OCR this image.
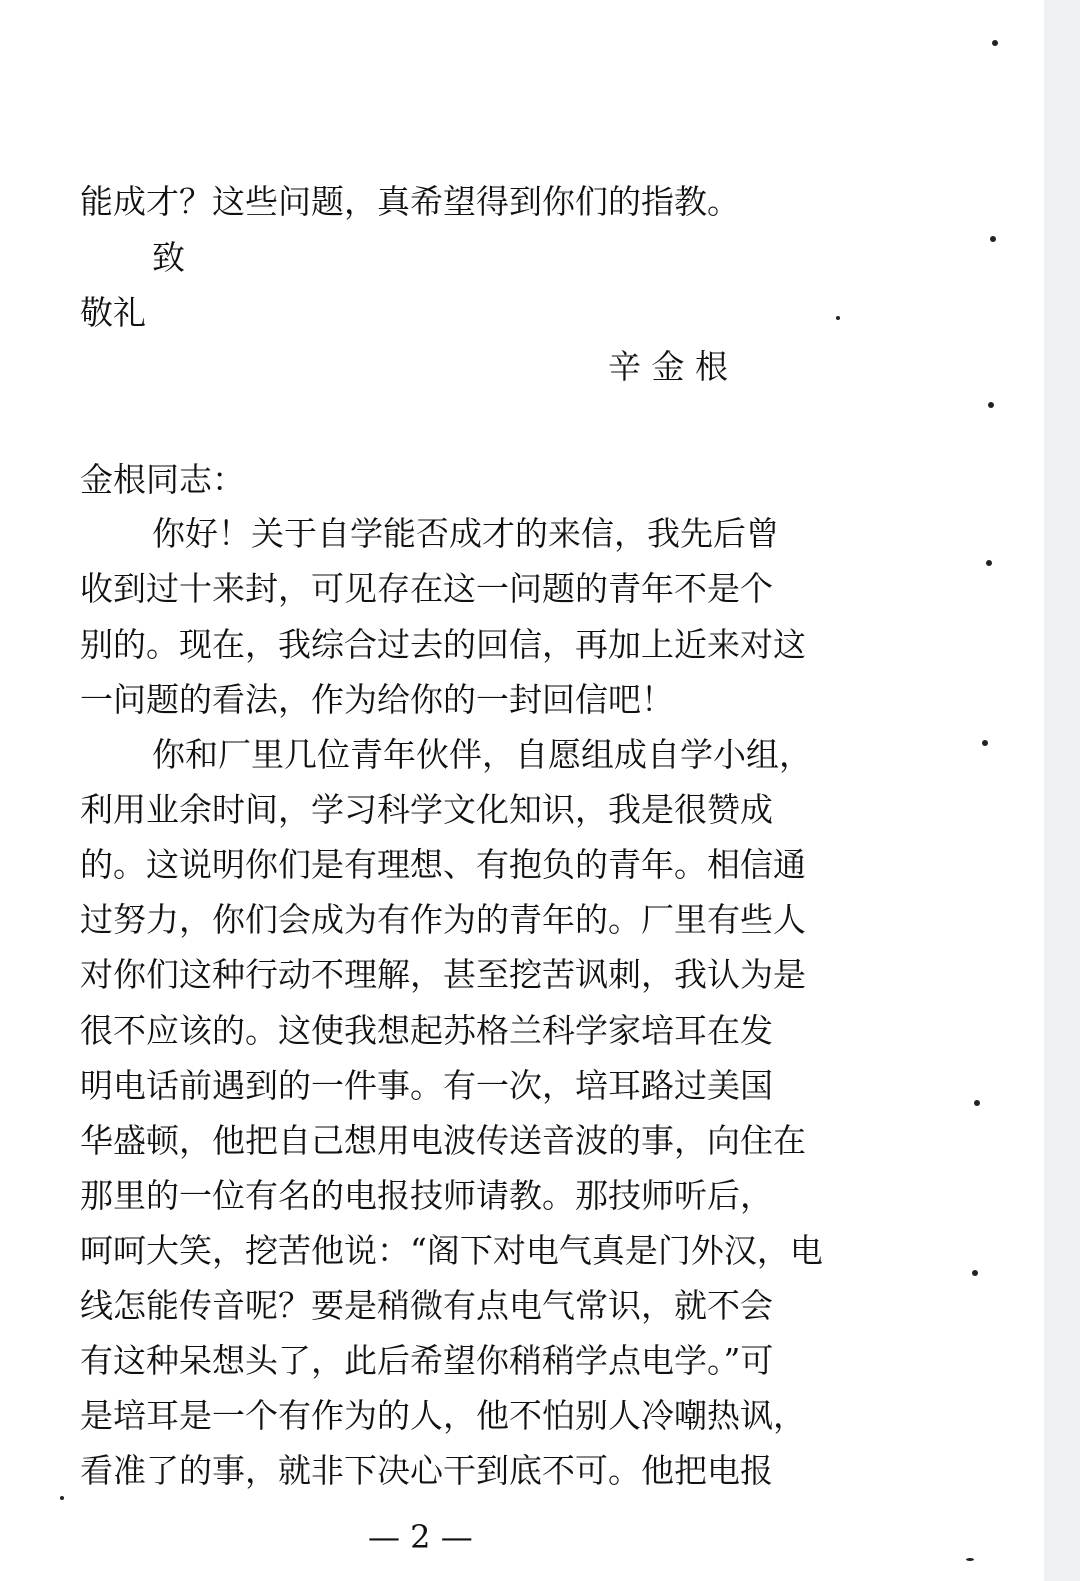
能成才？这些问题，真希望得到你们的指教。
致
敬礼
辛 金 根
金根同志：
你好！关于自学能否成才的来信，我先后曾
收到过十来封，可见存在这一问题的青年不是个
别的。现在，我综合过去的回信，再加上近来对这
一问题的看法，作为给你的一封回信吧！
你和厂里几位青年伙伴，自愿组成自学小组，
利用业余时间，学习科学文化知识，我是很赞成
的。这说明你们是有理想、有抱负的青年。相信通
过努力，你们会成为有作为的青年的。厂里有些人
对你们这种行动不理解，甚至挖苦讽刺，我认为是
很不应该的。这使我想起苏格兰科学家培耳在发
明电话前遇到的一件事。有一次，培耳路过美国
华盛顿，他把自己想用电波传送音波的事，向住在
那里的一位有名的电报技师请教。那技师听后，
呵呵大笑，挖苦他说：“阁下对电气真是门外汉，电
线怎能传音呢？要是稍微有点电气常识，就不会
有这种呆想头了，此后希望你稍稍学点电学。”可
是培耳是一个有作为的人，他不怕别人冷嘲热讽，
看准了的事，就非下决心干到底不可。他把电报
— 2 —
